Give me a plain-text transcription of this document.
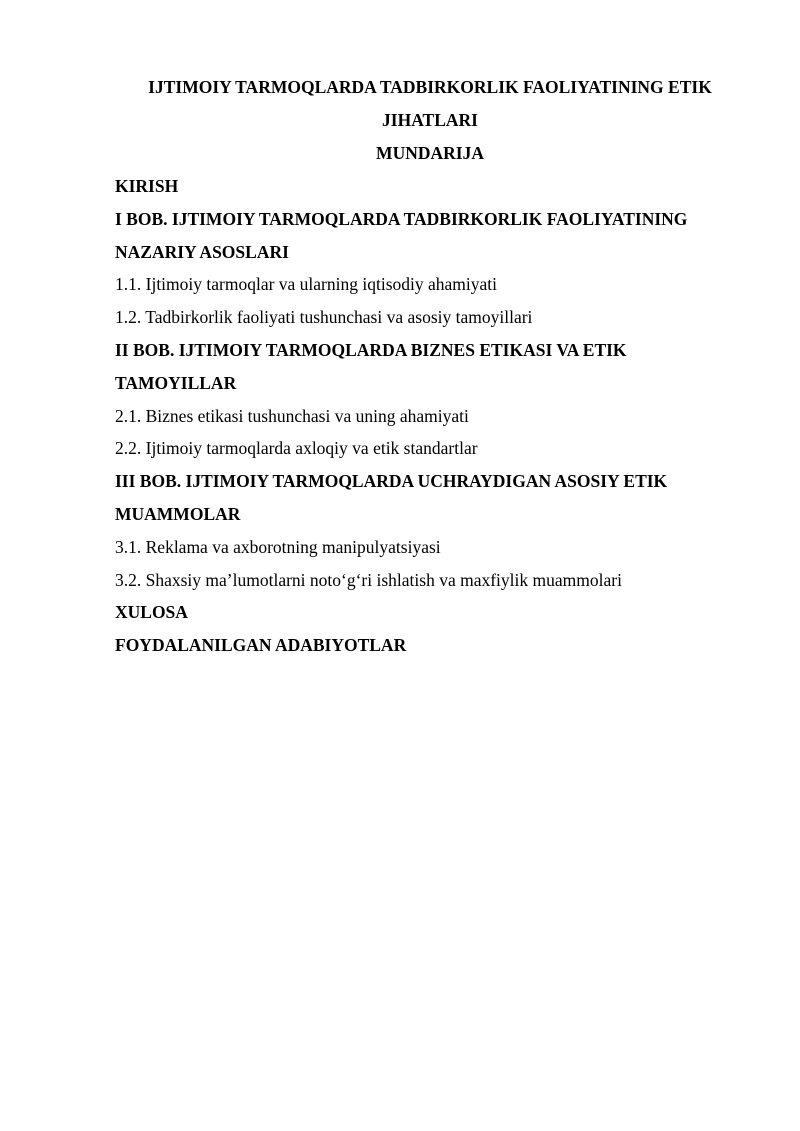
IJTIMOIY TARMOQLARDA TADBIRKORLIK FAOLIYATINING ETIK
JIHATLARI
MUNDARIJA
KIRISH
I BOB. IJTIMOIY TARMOQLARDA TADBIRKORLIK FAOLIYATINING
NAZARIY ASOSLARI
1.1. Ijtimoiy tarmoqlar va ularning iqtisodiy ahamiyati
1.2. Tadbirkorlik faoliyati tushunchasi va asosiy tamoyillari
II BOB. IJTIMOIY TARMOQLARDA BIZNES ETIKASI VA ETIK
TAMOYILLAR
2.1. Biznes etikasi tushunchasi va uning ahamiyati
2.2. Ijtimoiy tarmoqlarda axloqiy va etik standartlar
III BOB. IJTIMOIY TARMOQLARDA UCHRAYDIGAN ASOSIY ETIK
MUAMMOLAR
3.1. Reklama va axborotning manipulyatsiyasi
3.2. Shaxsiy ma’lumotlarni noto‘g‘ri ishlatish va maxfiylik muammolari
XULOSA
FOYDALANILGAN ADABIYOTLAR
